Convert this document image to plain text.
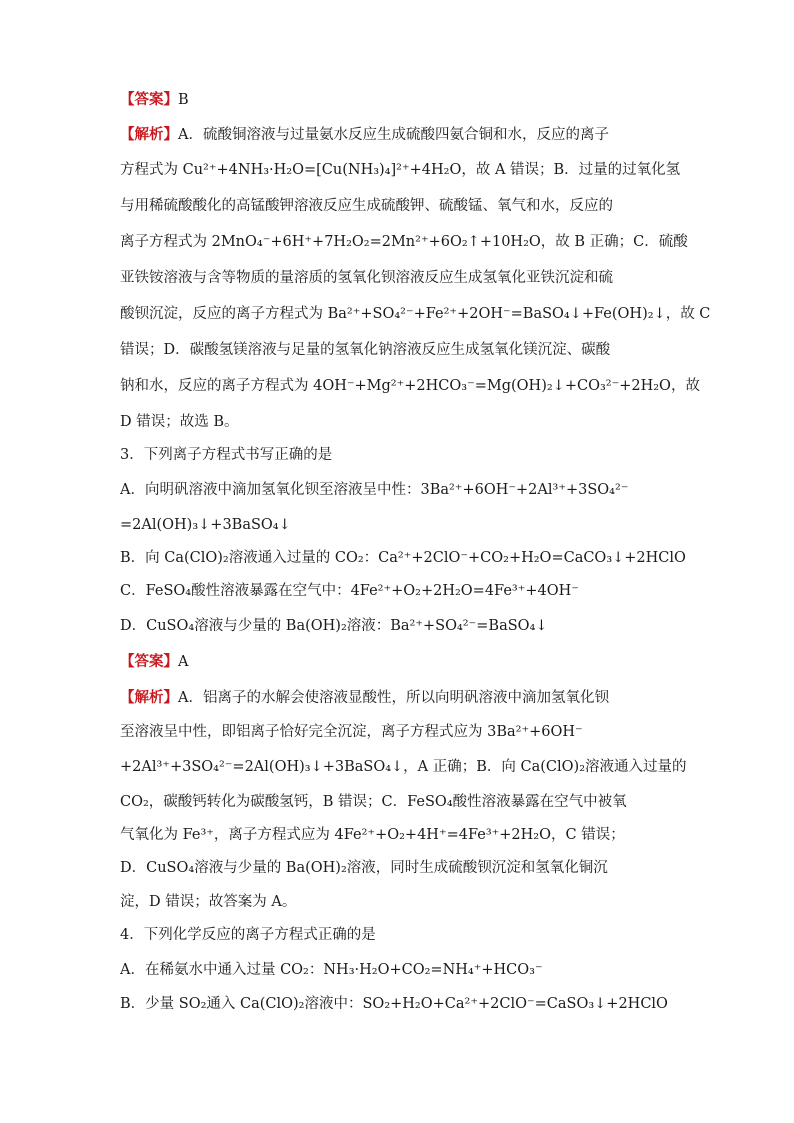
【答案】B
【解析】A．硫酸铜溶液与过量氨水反应生成硫酸四氨合铜和水，反应的离子
方程式为 Cu²⁺+4NH₃·H₂O=[Cu(NH₃)₄]²⁺+4H₂O，故 A 错误；B．过量的过氧化氢
与用稀硫酸酸化的高锰酸钾溶液反应生成硫酸钾、硫酸锰、氧气和水，反应的
离子方程式为 2MnO₄⁻+6H⁺+7H₂O₂=2Mn²⁺+6O₂↑+10H₂O，故 B 正确；C．硫酸
亚铁铵溶液与含等物质的量溶质的氢氧化钡溶液反应生成氢氧化亚铁沉淀和硫
酸钡沉淀，反应的离子方程式为 Ba²⁺+SO₄²⁻+Fe²⁺+2OH⁻=BaSO₄↓+Fe(OH)₂↓，故 C
错误；D．碳酸氢镁溶液与足量的氢氧化钠溶液反应生成氢氧化镁沉淀、碳酸
钠和水，反应的离子方程式为 4OH⁻+Mg²⁺+2HCO₃⁻=Mg(OH)₂↓+CO₃²⁻+2H₂O，故
D 错误；故选 B。
3．下列离子方程式书写正确的是
A．向明矾溶液中滴加氢氧化钡至溶液呈中性：3Ba²⁺+6OH⁻+2Al³⁺+3SO₄²⁻
=2Al(OH)₃↓+3BaSO₄↓
B．向 Ca(ClO)₂溶液通入过量的 CO₂：Ca²⁺+2ClO⁻+CO₂+H₂O=CaCO₃↓+2HClO
C．FeSO₄酸性溶液暴露在空气中：4Fe²⁺+O₂+2H₂O=4Fe³⁺+4OH⁻
D．CuSO₄溶液与少量的 Ba(OH)₂溶液：Ba²⁺+SO₄²⁻=BaSO₄↓
【答案】A
【解析】A．铝离子的水解会使溶液显酸性，所以向明矾溶液中滴加氢氧化钡
至溶液呈中性，即铝离子恰好完全沉淀，离子方程式应为 3Ba²⁺+6OH⁻
+2Al³⁺+3SO₄²⁻=2Al(OH)₃↓+3BaSO₄↓，A 正确；B．向 Ca(ClO)₂溶液通入过量的
CO₂，碳酸钙转化为碳酸氢钙，B 错误；C．FeSO₄酸性溶液暴露在空气中被氧
气氧化为 Fe³⁺，离子方程式应为 4Fe²⁺+O₂+4H⁺=4Fe³⁺+2H₂O，C 错误；
D．CuSO₄溶液与少量的 Ba(OH)₂溶液，同时生成硫酸钡沉淀和氢氧化铜沉
淀，D 错误；故答案为 A。
4．下列化学反应的离子方程式正确的是
A．在稀氨水中通入过量 CO₂：NH₃·H₂O+CO₂=NH₄⁺+HCO₃⁻
B．少量 SO₂通入 Ca(ClO)₂溶液中：SO₂+H₂O+Ca²⁺+2ClO⁻=CaSO₃↓+2HClO
